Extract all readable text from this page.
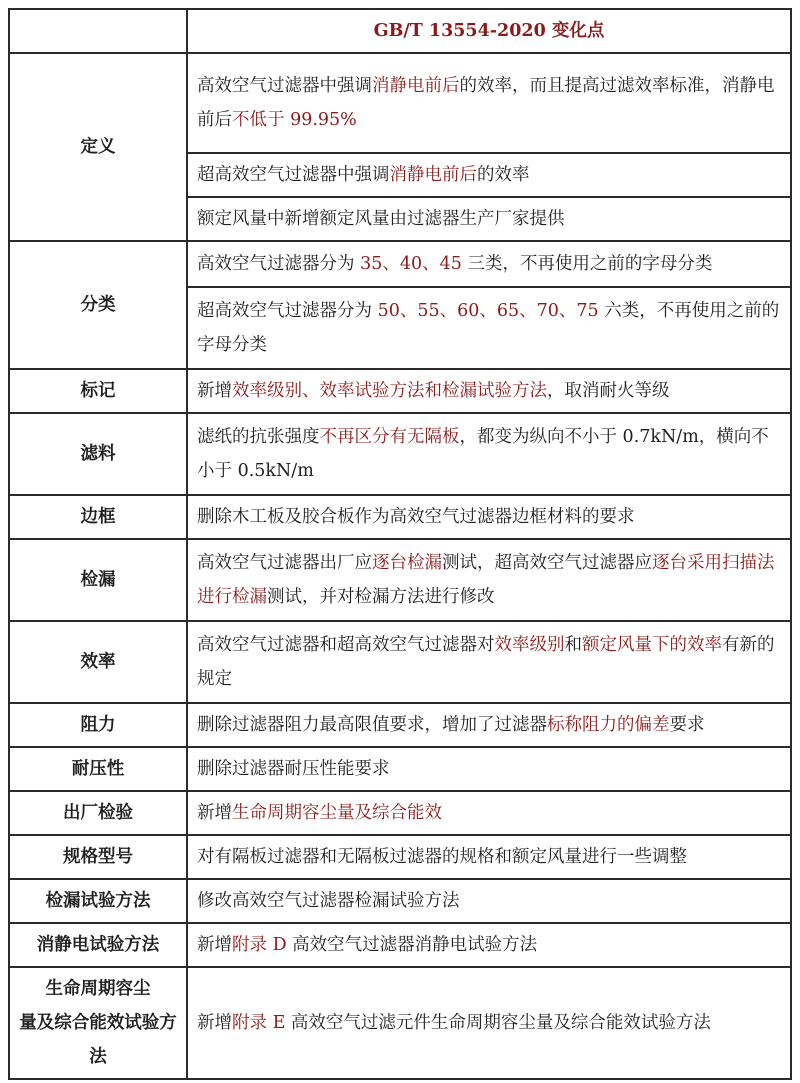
	GB/T 13554-2020 变化点
定义	高效空气过滤器中强调消静电前后的效率，而且提高过滤效率标准，消静电前后不低于 99.95%
	超高效空气过滤器中强调消静电前后的效率
	额定风量中新增额定风量由过滤器生产厂家提供
分类	高效空气过滤器分为 35、40、45 三类，不再使用之前的字母分类
	超高效空气过滤器分为 50、55、60、65、70、75 六类，不再使用之前的字母分类
标记	新增效率级别、效率试验方法和检漏试验方法，取消耐火等级
滤料	滤纸的抗张强度不再区分有无隔板，都变为纵向不小于 0.7kN/m，横向不小于 0.5kN/m
边框	删除木工板及胶合板作为高效空气过滤器边框材料的要求
检漏	高效空气过滤器出厂应逐台检漏测试，超高效空气过滤器应逐台采用扫描法进行检漏测试，并对检漏方法进行修改
效率	高效空气过滤器和超高效空气过滤器对效率级别和额定风量下的效率有新的规定
阻力	删除过滤器阻力最高限值要求，增加了过滤器标称阻力的偏差要求
耐压性	删除过滤器耐压性能要求
出厂检验	新增生命周期容尘量及综合能效
规格型号	对有隔板过滤器和无隔板过滤器的规格和额定风量进行一些调整
检漏试验方法	修改高效空气过滤器检漏试验方法
消静电试验方法	新增附录 D 高效空气过滤器消静电试验方法
生命周期容尘
量及综合能效试验方法	新增附录 E 高效空气过滤元件生命周期容尘量及综合能效试验方法
